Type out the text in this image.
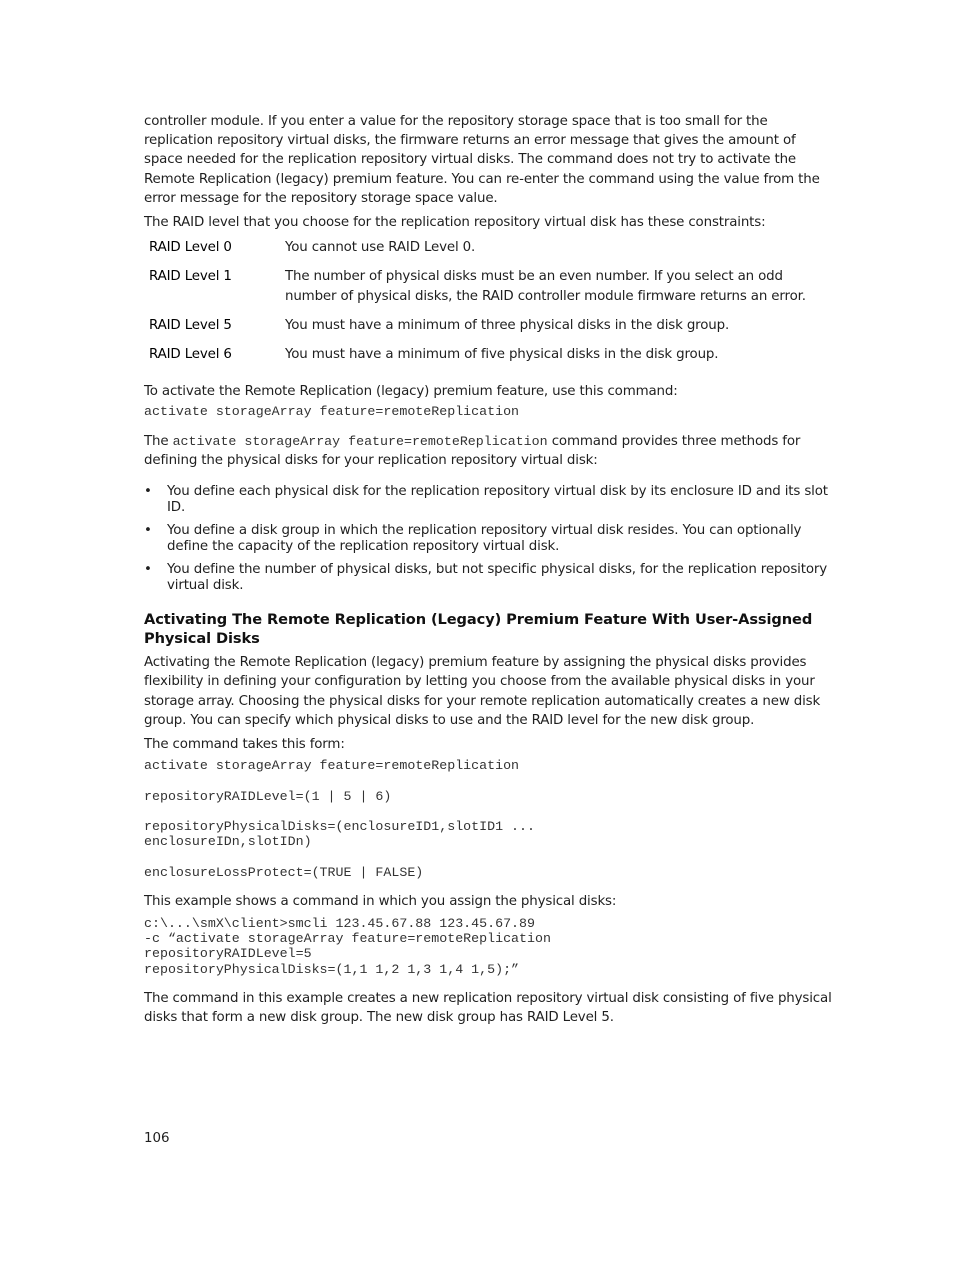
controller module. If you enter a value for the repository storage space that is too small for the replication repository virtual disks, the firmware returns an error message that gives the amount of space needed for the replication repository virtual disks. The command does not try to activate the Remote Replication (legacy) premium feature. You can re-enter the command using the value from the error message for the repository storage space value.

The RAID level that you choose for the replication repository virtual disk has these constraints:

RAID Level 0	You cannot use RAID Level 0.
RAID Level 1	The number of physical disks must be an even number. If you select an odd number of physical disks, the RAID controller module firmware returns an error.
RAID Level 5	You must have a minimum of three physical disks in the disk group.
RAID Level 6	You must have a minimum of five physical disks in the disk group.

To activate the Remote Replication (legacy) premium feature, use this command:

activate storageArray feature=remoteReplication

The activate storageArray feature=remoteReplication command provides three methods for defining the physical disks for your replication repository virtual disk:

• You define each physical disk for the replication repository virtual disk by its enclosure ID and its slot ID.
• You define a disk group in which the replication repository virtual disk resides. You can optionally define the capacity of the replication repository virtual disk.
• You define the number of physical disks, but not specific physical disks, for the replication repository virtual disk.
Activating The Remote Replication (Legacy) Premium Feature With User-Assigned Physical Disks

Activating the Remote Replication (legacy) premium feature by assigning the physical disks provides flexibility in defining your configuration by letting you choose from the available physical disks in your storage array. Choosing the physical disks for your remote replication automatically creates a new disk group. You can specify which physical disks to use and the RAID level for the new disk group.

The command takes this form:

activate storageArray feature=remoteReplication
repositoryRAIDLevel=(1 | 5 | 6)
repositoryPhysicalDisks=(enclosureID1,slotID1 ...
enclosureIDn,slotIDn)
enclosureLossProtect=(TRUE | FALSE)

This example shows a command in which you assign the physical disks:

c:\...\smX\client>smcli 123.45.67.88 123.45.67.89
-c “activate storageArray feature=remoteReplication
repositoryRAIDLevel=5
repositoryPhysicalDisks=(1,1 1,2 1,3 1,4 1,5);”

The command in this example creates a new replication repository virtual disk consisting of five physical disks that form a new disk group. The new disk group has RAID Level 5.

106
